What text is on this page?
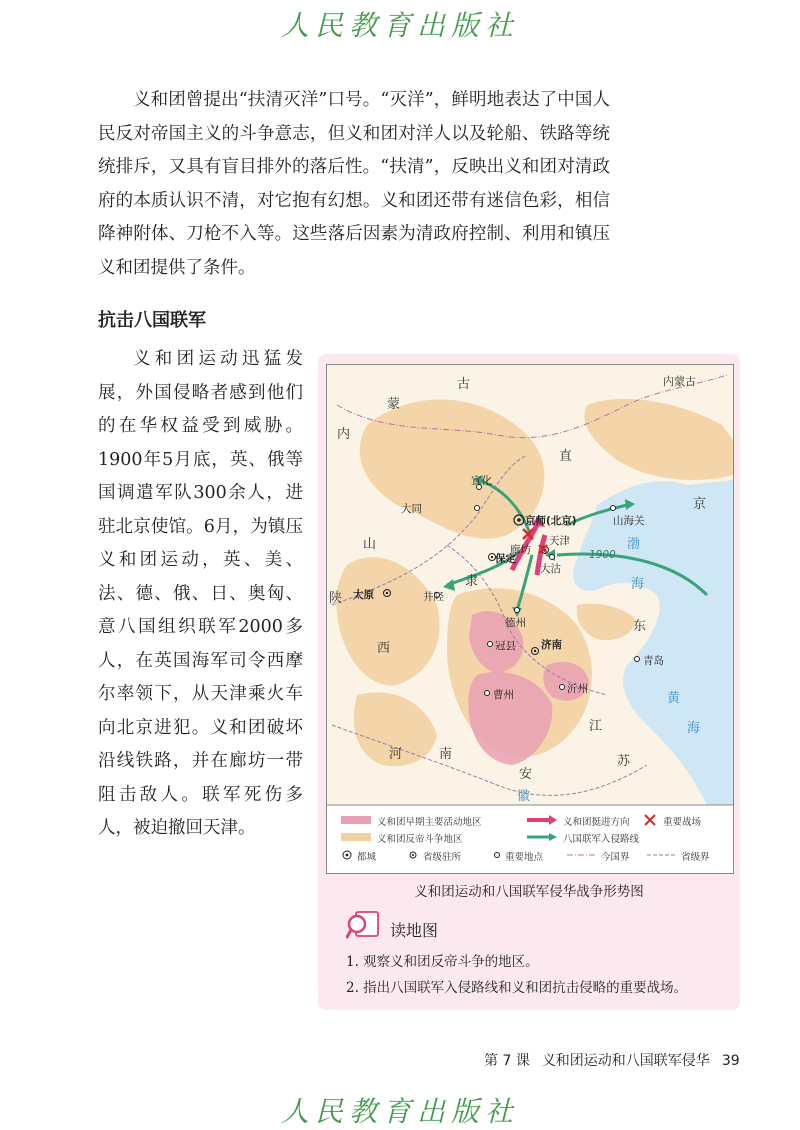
人民教育出版社

义和团曾提出“扶清灭洋”口号。“灭洋”，鲜明地表达了中国人民反对帝国主义的斗争意志，但义和团对洋人以及轮船、铁路等统统排斥，又具有盲目排外的落后性。“扶清”，反映出义和团对清政府的本质认识不清，对它抱有幻想。义和团还带有迷信色彩，相信降神附体、刀枪不入等。这些落后因素为清政府控制、利用和镇压义和团提供了条件。

抗击八国联军

义和团运动迅猛发展，外国侵略者感到他们的在华权益受到威胁。1900年5月底，英、俄等国调遣军队300余人，进驻北京使馆。6月，为镇压义和团运动，英、美、法、德、俄、日、奥匈、意八国组织联军2000多人，在英国海军司令西摩尔率领下，从天津乘火车向北京进犯。义和团破坏沿线铁路，并在廊坊一带阻击敌人。联军死伤多人，被迫撤回天津。

古
蒙
内蒙古
内
直
京
山
西
陕
隶
东
河	南
江
苏
安
徽
渤
海
黄
海
1900
宣化
大同
京师(北京)
廊坊
天津
保定
大沽
山海关
太原	井陉
德州
冠县 济南
青岛
曹州	沂州
义和团早期主要活动地区	义和团挺进方向	重要战场
义和团反帝斗争地区	八国联军入侵路线
都城	省级驻所	重要地点	今国界	省级界
义和团运动和八国联军侵华战争形势图
读地图
1. 观察义和团反帝斗争的地区。
2. 指出八国联军入侵路线和义和团抗击侵略的重要战场。
第 7 课 义和团运动和八国联军侵华 39
人民教育出版社
